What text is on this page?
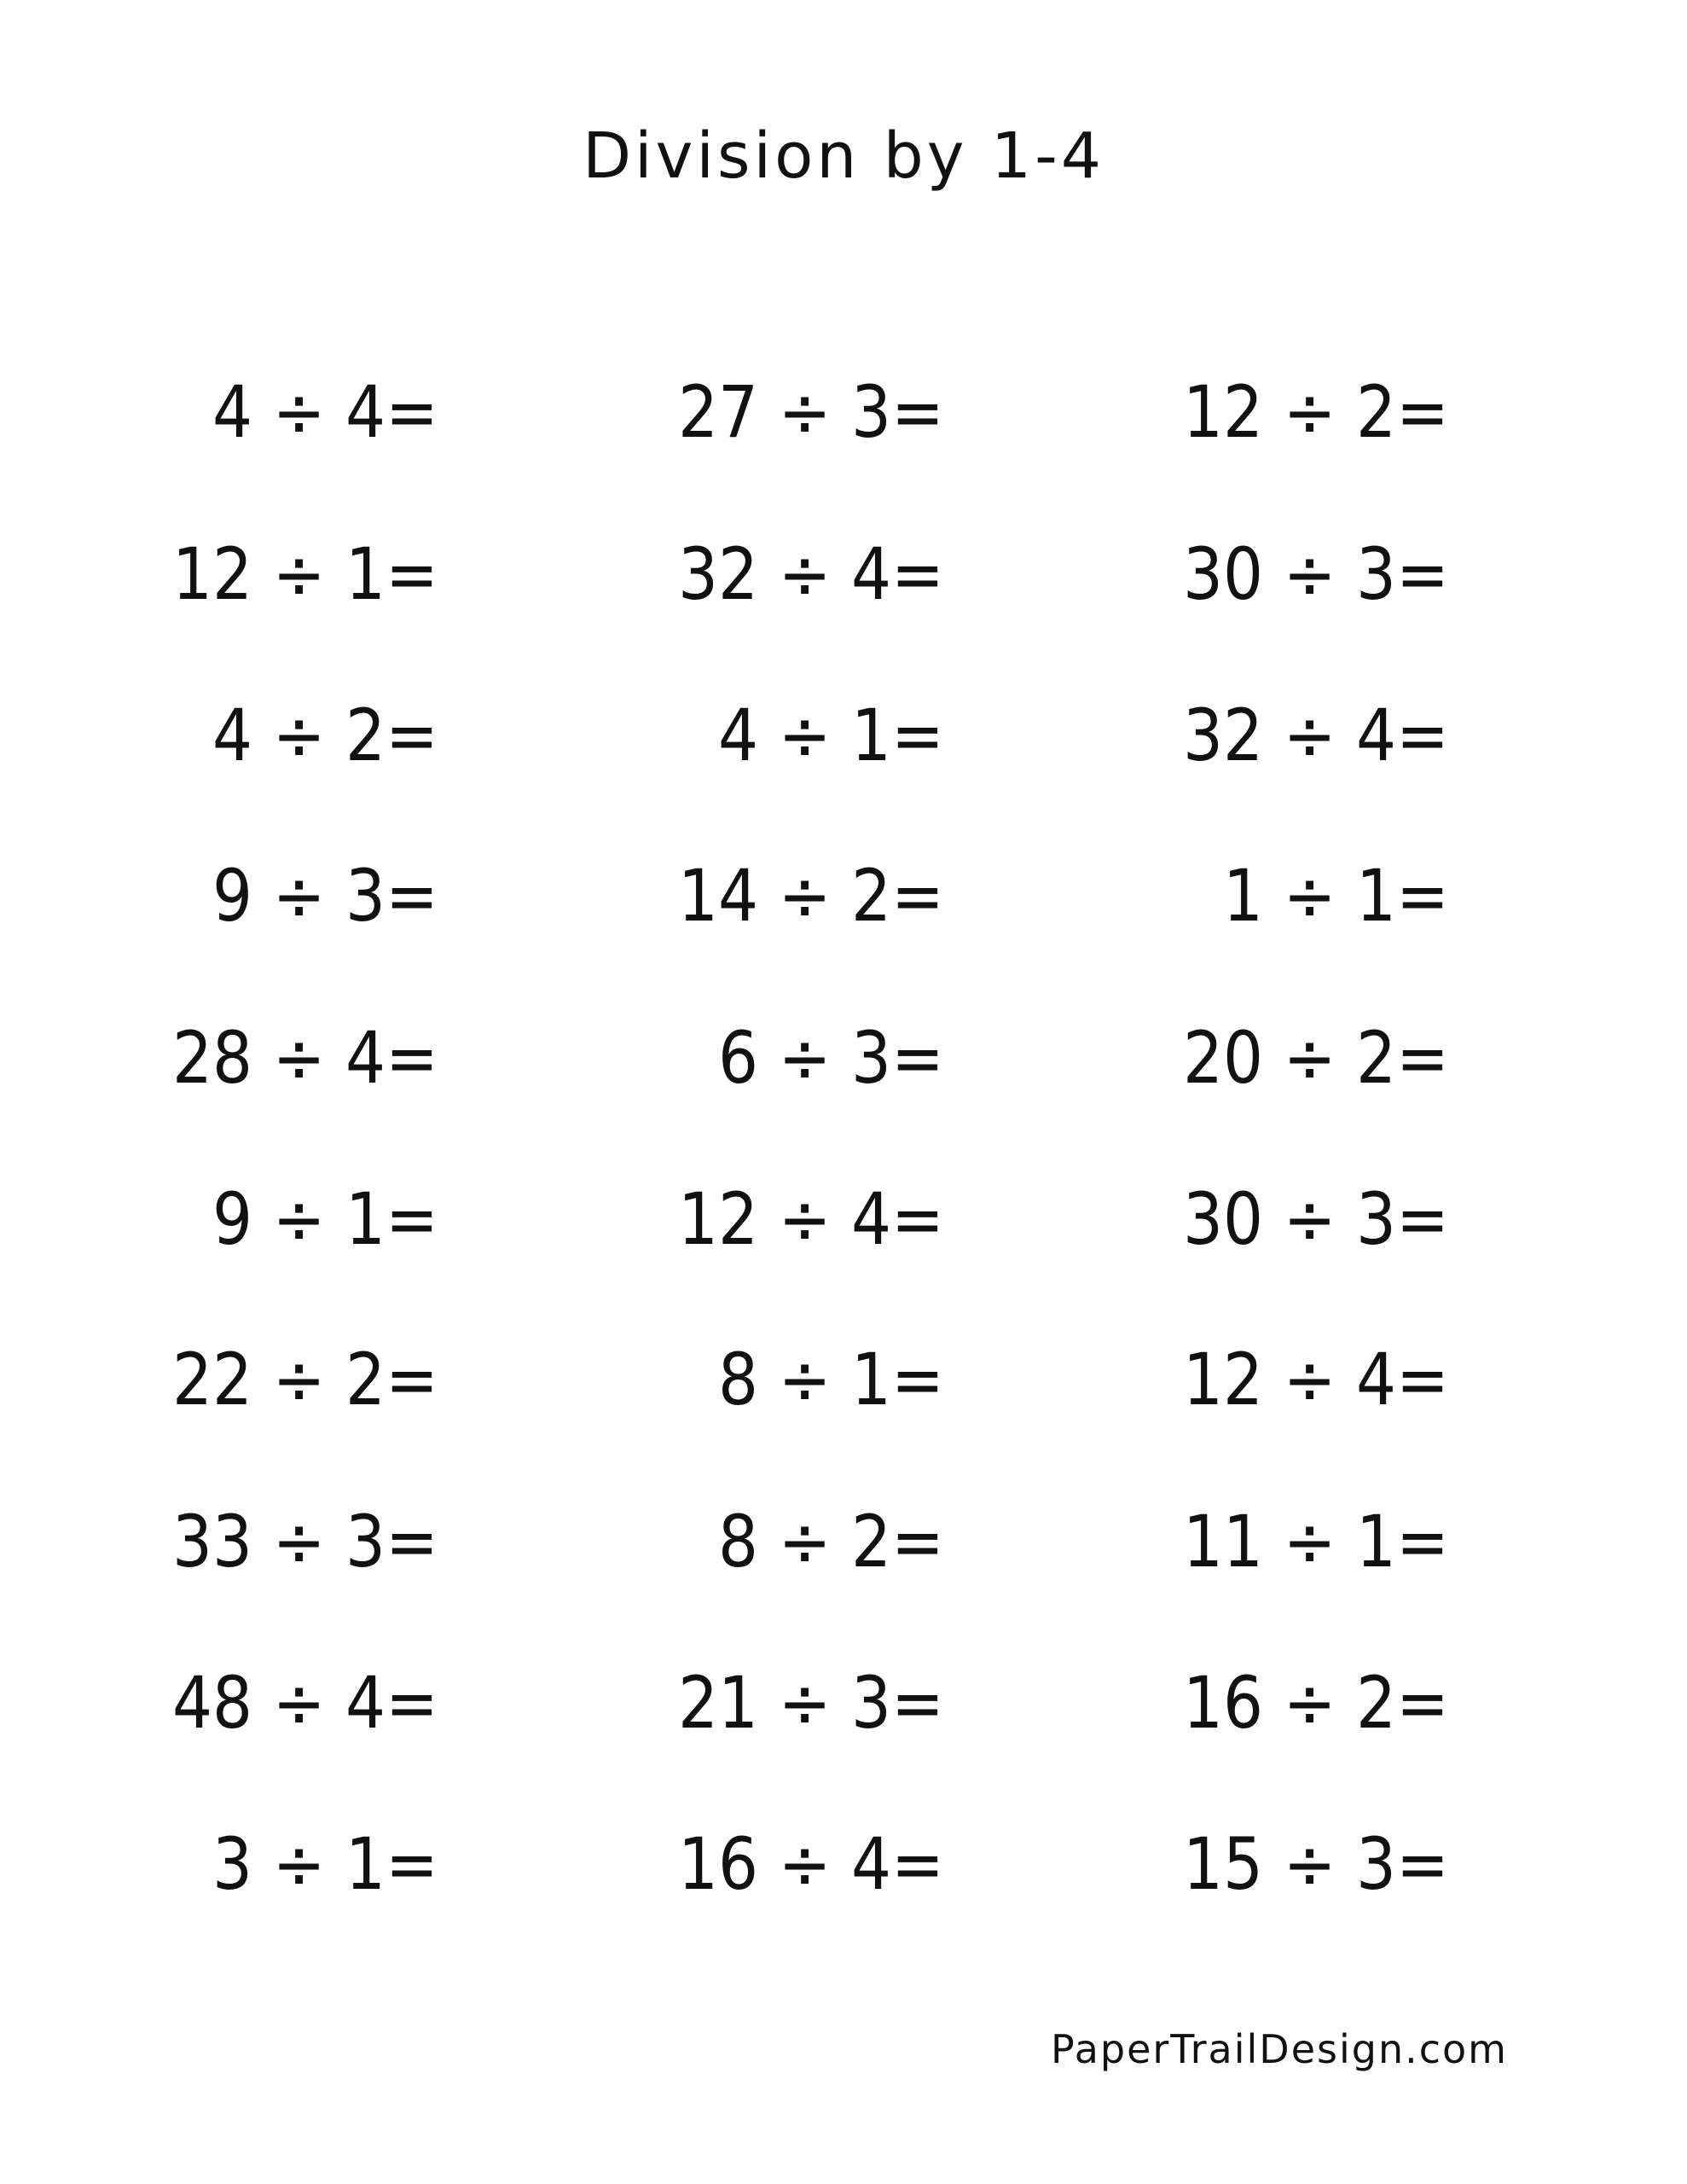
Division by 1-4
4 ÷ 4=
12 ÷ 1=
4 ÷ 2=
9 ÷ 3=
28 ÷ 4=
9 ÷ 1=
22 ÷ 2=
33 ÷ 3=
48 ÷ 4=
3 ÷ 1=
27 ÷ 3=
32 ÷ 4=
4 ÷ 1=
14 ÷ 2=
6 ÷ 3=
12 ÷ 4=
8 ÷ 1=
8 ÷ 2=
21 ÷ 3=
16 ÷ 4=
12 ÷ 2=
30 ÷ 3=
32 ÷ 4=
1 ÷ 1=
20 ÷ 2=
30 ÷ 3=
12 ÷ 4=
11 ÷ 1=
16 ÷ 2=
15 ÷ 3=
PaperTrailDesign.com
